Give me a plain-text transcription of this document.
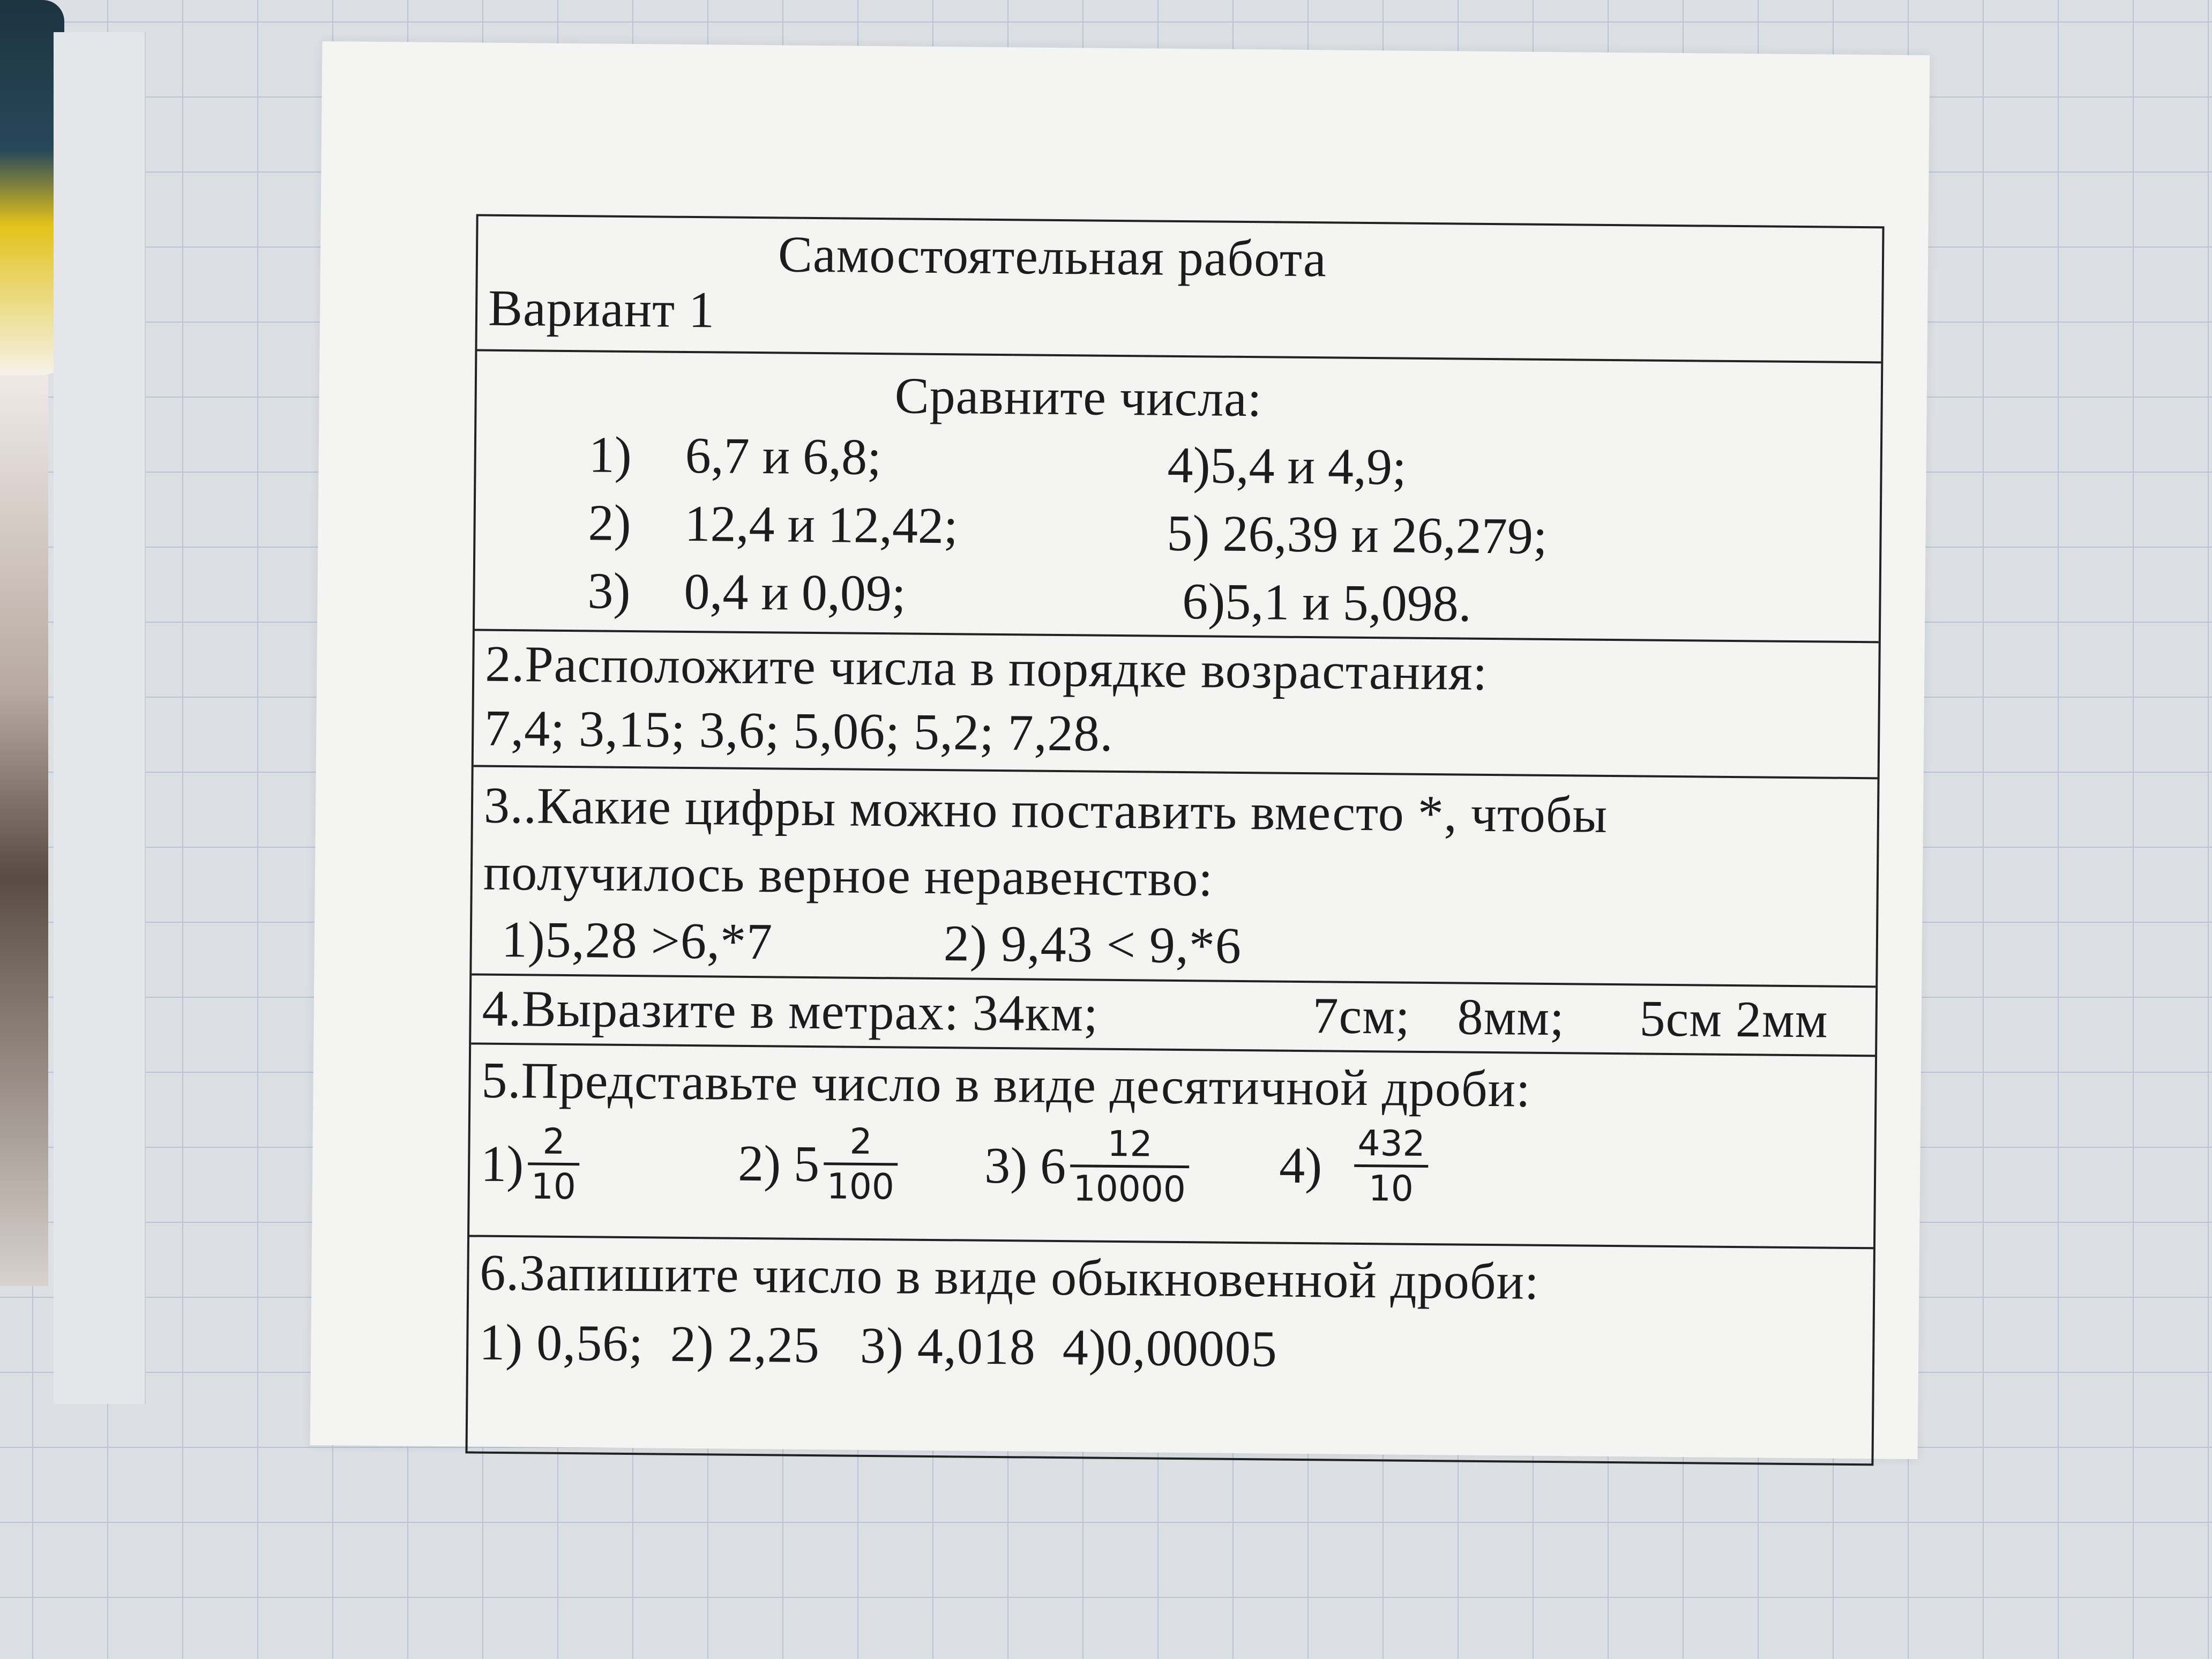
Самостоятельная работа
Вариант 1
Сравните числа:
1) 6,7 и 6,8;
2) 12,4 и 12,42;
3) 0,4 и 0,09;
4)5,4 и 4,9;
5) 26,39 и 26,279;
6)5,1 и 5,098.
2.Расположите числа в порядке возрастания:
7,4; 3,15; 3,6; 5,06; 5,2; 7,28.
3..Какие цифры можно поставить вместо *, чтобы
получилось верное неравенство:
1)5,28 >6,*7	2) 9,43 < 9,*6
4.Выразите в метрах: 34км;	7см; 8мм; 5см 2мм
5.Представьте число в виде десятичной дроби:
$1) \frac{2}{10}$	2) $5 \frac{2}{100} 3$) $6 \frac{12}{10000} 4) \frac{432}{10}$
6.Запишите число в виде обыкновенной дроби:
1) 0,56;  2) 2,25   3) 4,018  4)0,00005
